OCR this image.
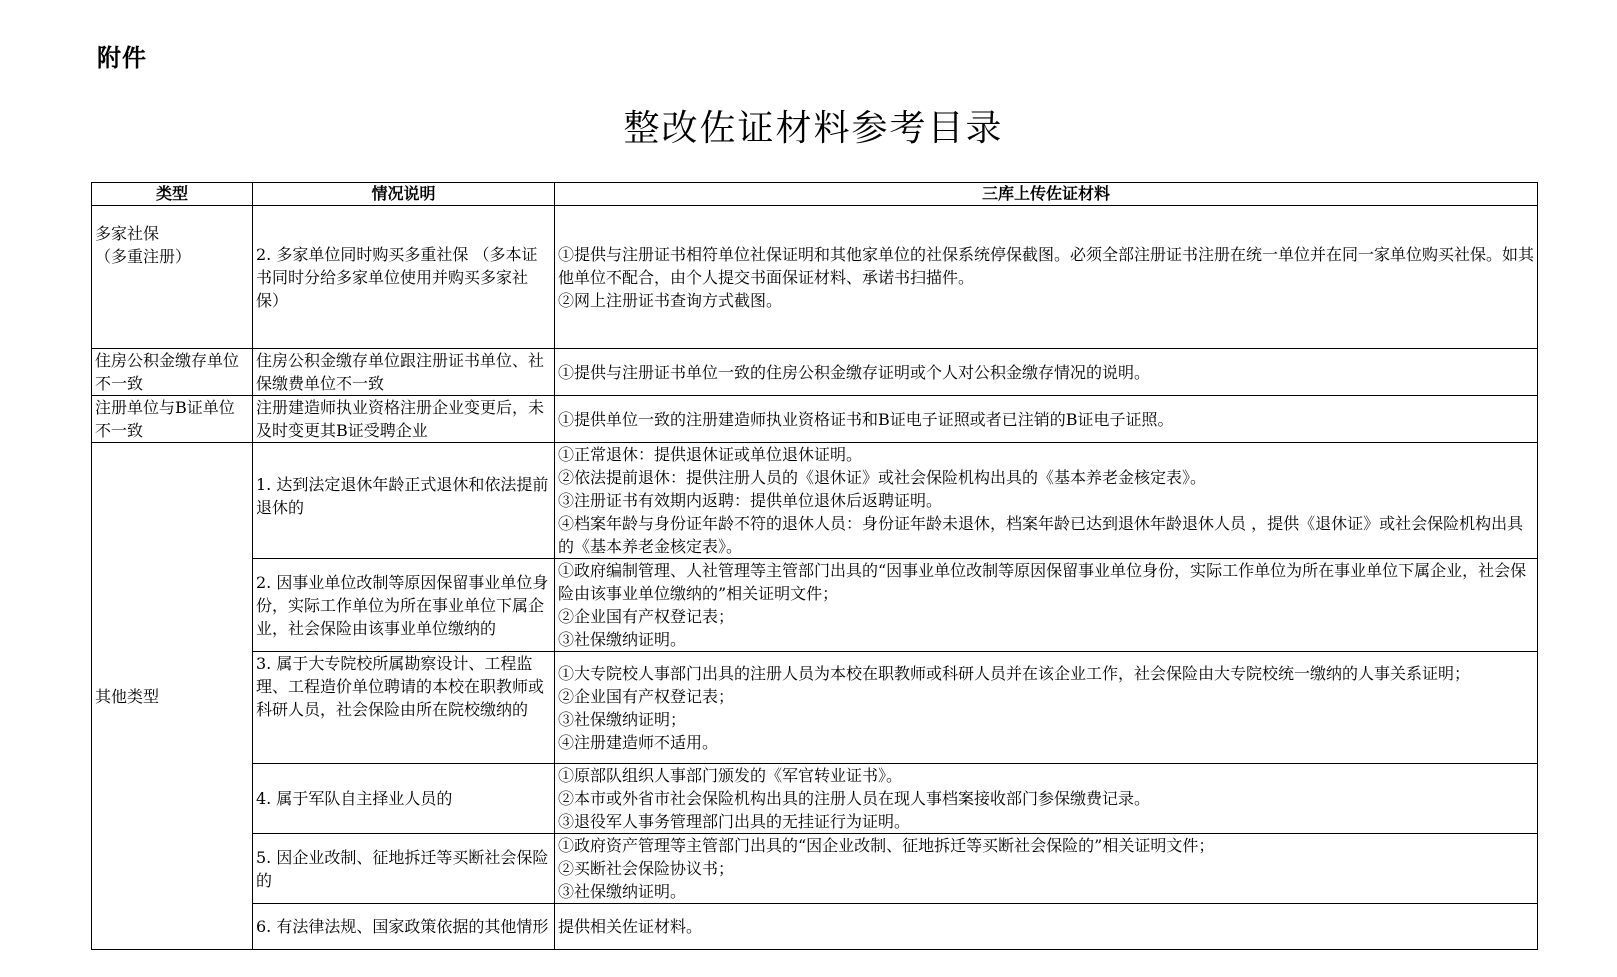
附件
整改佐证材料参考目录
类型	情况说明	三库上传佐证材料

多家社保
（多重注册）	2. 多家单位同时购买多重社保 （多本证书同时分给多家单位使用并购买多家社保）	①提供与注册证书相符单位社保证明和其他家单位的社保系统停保截图。必须全部注册证书注册在统一单位并在同一家单位购买社保。如其他单位不配合，由个人提交书面保证材料、承诺书扫描件。
②网上注册证书查询方式截图。

住房公积金缴存单位不一致	住房公积金缴存单位跟注册证书单位、社保缴费单位不一致	①提供与注册证书单位一致的住房公积金缴存证明或个人对公积金缴存情况的说明。

注册单位与B证单位不一致	注册建造师执业资格注册企业变更后，未及时变更其B证受聘企业	①提供单位一致的注册建造师执业资格证书和B证电子证照或者已注销的B证电子证照。

其他类型	1. 达到法定退休年龄正式退休和依法提前退休的	①正常退休：提供退休证或单位退休证明。
②依法提前退休：提供注册人员的《退休证》或社会保险机构出具的《基本养老金核定表》。
③注册证书有效期内返聘：提供单位退休后返聘证明。
④档案年龄与身份证年龄不符的退休人员：身份证年龄未退休，档案年龄已达到退休年龄退休人员 ，提供《退休证》或社会保险机构出具的《基本养老金核定表》。

	2. 因事业单位改制等原因保留事业单位身份，实际工作单位为所在事业单位下属企业，社会保险由该事业单位缴纳的	①政府编制管理、人社管理等主管部门出具的“因事业单位改制等原因保留事业单位身份，实际工作单位为所在事业单位下属企业，社会保险由该事业单位缴纳的”相关证明文件；
②企业国有产权登记表；
③社保缴纳证明。

	3. 属于大专院校所属勘察设计、工程监理、工程造价单位聘请的本校在职教师或科研人员，社会保险由所在院校缴纳的	①大专院校人事部门出具的注册人员为本校在职教师或科研人员并在该企业工作，社会保险由大专院校统一缴纳的人事关系证明；
②企业国有产权登记表；
③社保缴纳证明；
④注册建造师不适用。

	4. 属于军队自主择业人员的	①原部队组织人事部门颁发的《军官转业证书》。
②本市或外省市社会保险机构出具的注册人员在现人事档案接收部门参保缴费记录。
③退役军人事务管理部门出具的无挂证行为证明。

	5. 因企业改制、征地拆迁等买断社会保险的	①政府资产管理等主管部门出具的“因企业改制、征地拆迁等买断社会保险的”相关证明文件；
②买断社会保险协议书；
③社保缴纳证明。

	6. 有法律法规、国家政策依据的其他情形	提供相关佐证材料。
